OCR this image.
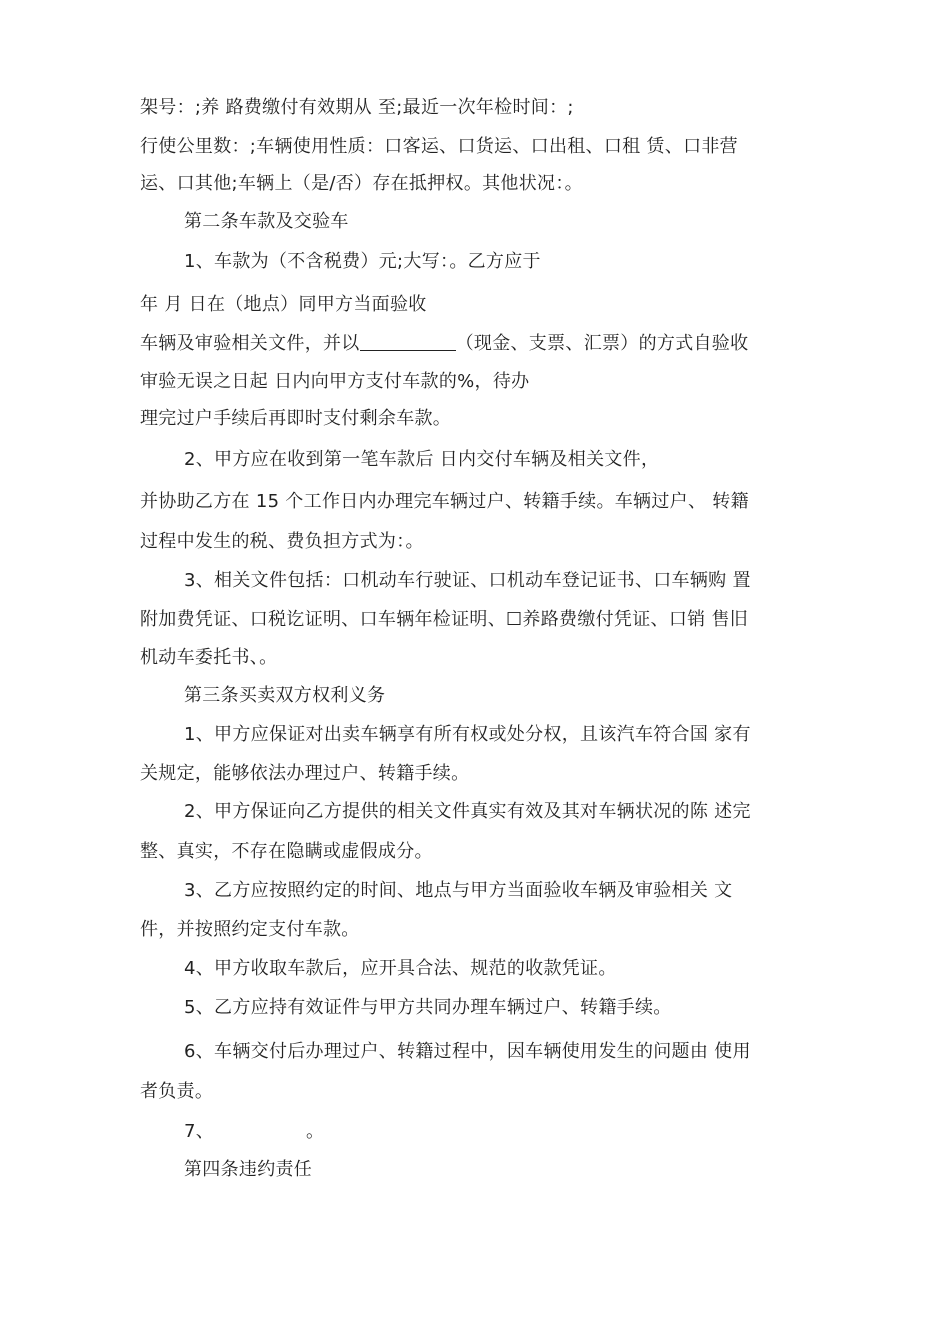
架号：;养 路费缴付有效期从 至;最近一次年检时间：;
行使公里数：;车辆使用性质：口客运、口货运、口出租、口租 赁、口非营
运、口其他;车辆上（是/否）存在抵押权。其他状况：。
第二条车款及交验车
1、车款为（不含税费）元;大写：。乙方应于
年 月 日在（地点）同甲方当面验收
车辆及审验相关文件，并以	（现金、支票、汇票）的方式自验收
审验无误之日起 日内向甲方支付车款的%，待办
理完过户手续后再即时支付剩余车款。
2、甲方应在收到第一笔车款后 日内交付车辆及相关文件，
并协助乙方在 15 个工作日内办理完车辆过户、转籍手续。车辆过户、 转籍
过程中发生的税、费负担方式为：。
3、相关文件包括：口机动车行驶证、口机动车登记证书、口车辆购 置
附加费凭证、口税讫证明、口车辆年检证明、☐养路费缴付凭证、口销 售旧
机动车委托书、。
第三条买卖双方权利义务
1、甲方应保证对出卖车辆享有所有权或处分权，且该汽车符合国 家有
关规定，能够依法办理过户、转籍手续。
2、甲方保证向乙方提供的相关文件真实有效及其对车辆状况的陈 述完
整、真实，不存在隐瞒或虚假成分。
3、乙方应按照约定的时间、地点与甲方当面验收车辆及审验相关 文
件，并按照约定支付车款。
4、甲方收取车款后，应开具合法、规范的收款凭证。
5、乙方应持有效证件与甲方共同办理车辆过户、转籍手续。
6、车辆交付后办理过户、转籍过程中，因车辆使用发生的问题由 使用
者负责。
7、	。
第四条违约责任
